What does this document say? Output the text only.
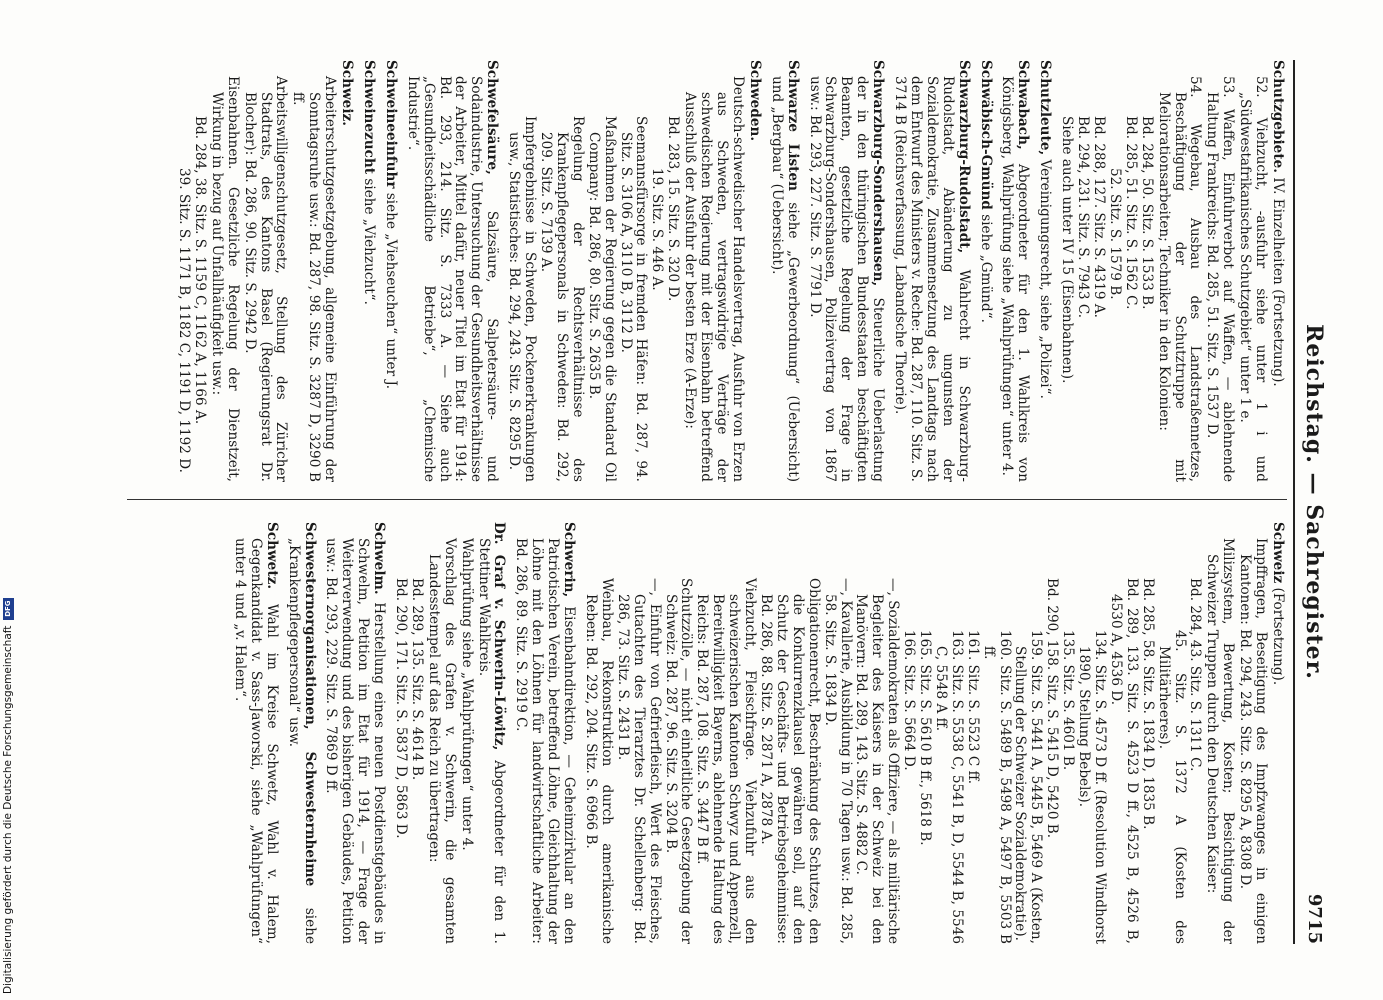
Reichstag. — Sachregister.
9715
Schutzgebiete. IV. Einzelheiten (Fortsetzung).
52. Viehzucht, -ausfuhr siehe unter 1 i und „Südwestafrikanisches Schutzgebiet“ unter 1 e.
53. Waffen, Einfuhrverbot auf Waffen, — ablehnende Haltung Frankreichs: Bd. 285, 51. Sitz. S. 1537 D.
54. Wegebau, Ausbau des Landstraßennetzes, Beschäftigung der Schutztruppe mit Meliorationsarbeiten; Techniker in den Kolonien:
Bd. 284, 50. Sitz. S. 1533 B.
Bd. 285, 51. Sitz. S. 1562 C.
52. Sitz. S. 1579 B.
Bd. 288, 127. Sitz. S. 4319 A.
Bd. 294, 231. Sitz. S. 7943 C.
Siehe auch unter IV 15 (Eisenbahnen).
Schutzleute, Vereinigungsrecht, siehe „Polizei“.
Schwabach, Abgeordneter für den 1. Wahlkreis von Königsberg, Wahlprüfung siehe „Wahlprüfungen“ unter 4.
Schwäbisch-Gmünd siehe „Gmünd“.
Schwarzburg-Rudolstadt, Wahlrecht in Schwarzburg-Rudolstadt, Abänderung zu ungunsten der Sozialdemokratie, Zusammensetzung des Landtags nach dem Entwurf des Ministers v. Reche: Bd. 287, 110. Sitz. S. 3714 B (Reichsverfassung, Labandsche Theorie).
Schwarzburg-Sondershausen, Steuerliche Ueberlastung der in den thüringischen Bundesstaaten beschäftigten Beamten, gesetzliche Regelung der Frage in Schwarzburg-Sondershausen, Polizeivertrag von 1867 usw.: Bd. 293, 227. Sitz. S. 7791 D.
Schwarze Listen siehe „Gewerbeordnung“ (Uebersicht) und „Bergbau“ (Uebersicht).
Schweden.
Deutsch-schwedischer Handelsvertrag, Ausfuhr von Erzen aus Schweden, vertragswidrige Verträge der schwedischen Regierung mit der Eisenbahn betreffend Ausschluß der Ausfuhr der besten Erze (A-Erze):
Bd. 283, 15. Sitz. S. 320 D.
19. Sitz. S. 446 A.
Seemannsfürsorge in fremden Häfen: Bd. 287, 94. Sitz. S. 3106 A, 3110 B, 3112 D.
Maßnahmen der Regierung gegen die Standard Oil Company: Bd. 286, 80. Sitz. S. 2635 B.
Regelung der Rechtsverhältnisse des Krankenpflegepersonals in Schweden: Bd. 292, 209. Sitz. S. 7139 A.
Impfergebnisse in Schweden, Pockenerkrankungen usw., Statistisches: Bd. 294, 243. Sitz. S. 8295 D.
Schwefelsäure, Salzsäure, Salpetersäure- und Sodaindustrie, Untersuchung der Gesundheitsverhältnisse der Arbeiter, Mittel dafür, neuer Titel im Etat für 1914: Bd. 293, 214. Sitz. S. 7333 A. — Siehe auch „Gesundheitsschädliche Betriebe“, „Chemische Industrie“.
Schweineeinfuhr siehe „Viehseuchen“ unter J.
Schweinezucht siehe „Viehzucht“.
Schweiz.
Arbeiterschutzgesetzgebung, allgemeine Einführung der Sonntagsruhe usw.: Bd. 287, 98. Sitz. S. 3287 D, 3290 B ff.
Arbeitswilligenschutzgesetz, Stellung des Züricher Stadtrats, des Kantons Basel (Regierungsrat Dr. Blocher): Bd. 286, 90. Sitz. S. 2942 D.
Eisenbahnen. Gesetzliche Regelung der Dienstzeit, Wirkung in bezug auf Unfallhäufigkeit usw.:
Bd. 284, 38. Sitz. S. 1159 C, 1162 A, 1166 A.
39. Sitz. S. 1171 B, 1182 C, 1191 D, 1192 D.
Schweiz (Fortsetzung).
Impffragen, Beseitigung des Impfzwanges in einigen Kantonen: Bd. 294, 243. Sitz. S. 8295 A, 8308 D.
Milizsystem, Bewertung, Kosten; Besichtigung der Schweizer Truppen durch den Deutschen Kaiser:
Bd. 284, 43. Sitz. S. 1311 C.
45. Sitz. S. 1372 A (Kosten des Militärheeres).
Bd. 285, 58. Sitz. S. 1834 D, 1835 B.
Bd. 289, 133. Sitz. S. 4523 D ff., 4525 B, 4526 B, 4530 A, 4536 D.
134. Sitz. S. 4573 D ff. (Resolution Windhorst 1890, Stellung Bebels).
135. Sitz. S. 4601 B.
Bd. 290, 158. Sitz. S. 5415 D, 5420 B.
159. Sitz. S. 5441 A, 5445 B, 5469 A (Kosten, Stellung der Schweizer Sozialdemokratie).
160. Sitz. S. 5489 B, 5498 A, 5497 B, 5503 B ff.
161. Sitz. S. 5523 C ff.
163. Sitz. S. 5538 C, 5541 B, D, 5544 B, 5546 C, 5548 A ff.
165. Sitz. S. 5610 B ff., 5618 B.
166. Sitz. S. 5664 D.
—, Sozialdemokraten als Offiziere, — als militärische Begleiter des Kaisers in der Schweiz bei den Manövern: Bd. 289, 143. Sitz. S. 4882 C.
—, Kavallerie, Ausbildung in 70 Tagen usw.: Bd. 285, 58. Sitz. S. 1834 D.
Obligationenrecht, Beschränkung des Schutzes, den die Konkurrenzklausel gewähren soll, auf den Schutz der Geschäfts- und Betriebsgeheimnisse: Bd. 286, 88. Sitz. S. 2871 A, 2878 A.
Viehzucht, Fleischfrage. Viehzufuhr aus den schweizerischen Kantonen Schwyz und Appenzell, Bereitwilligkeit Bayerns, ablehnende Haltung des Reichs: Bd. 287, 108. Sitz. S. 3447 B ff.
Schutzzölle, — nicht einheitliche Gesetzgebung der Schweiz: Bd. 287, 96. Sitz. S. 3204 B.
—, Einfuhr von Gefrierfleisch, Wert des Fleisches, Gutachten des Tierarztes Dr. Schellenberg: Bd. 286, 73. Sitz. S. 2431 B.
Weinbau, Rekonstruktion durch amerikanische Reben: Bd. 292, 204. Sitz. S. 6966 B.
Schwerin, Eisenbahndirektion, — Geheimzirkular an den Patriotischen Verein, betreffend Löhne, Gleichhaltung der Löhne mit den Löhnen für landwirtschaftliche Arbeiter: Bd. 286, 89. Sitz. S. 2919 C.
Dr. Graf v. Schwerin-Löwitz, Abgeordneter für den 1. Stettiner Wahlkreis.
Wahlprüfung siehe „Wahlprüfungen“ unter 4.
Vorschlag des Grafen v. Schwerin, die gesamten Landesstempel auf das Reich zu übertragen:
Bd. 289, 135. Sitz. S. 4614 B.
Bd. 290, 171. Sitz. S. 5837 D, 5863 D.
Schwelm. Herstellung eines neuen Postdienstgebäudes in Schwelm, Petition im Etat für 1914, — Frage der Weiterverwendung und des bisherigen Gebäudes, Petition usw.: Bd. 293, 229. Sitz. S. 7869 D ff.
Schwesternorganisationen, Schwesternheime siehe „Krankenpflegepersonal“ usw.
Schwetz. Wahl im Kreise Schwetz, Wahl v. Halem, Gegenkandidat v. Sass-Jaworski, siehe „Wahlprüfungen“ unter 4 und „v. Halem“.
Digitalisierung gefördert durch die Deutsche Forschungsgemeinschaft
DFG
